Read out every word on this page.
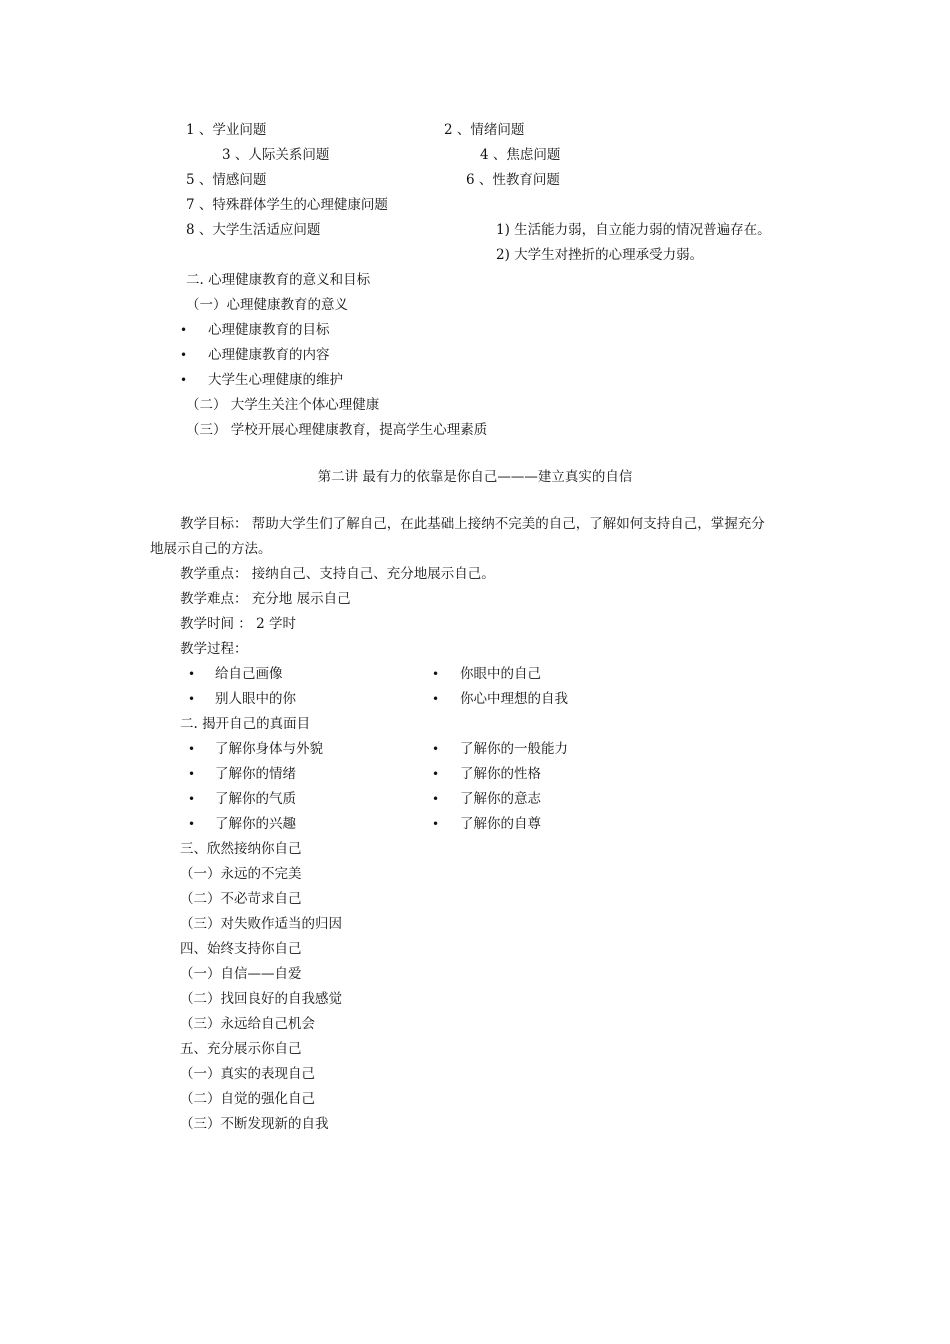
1 、学业问题	2 、情绪问题
3 、人际关系问题	4 、焦虑问题
5 、情感问题	6 、性教育问题
7 、特殊群体学生的心理健康问题
8 、大学生活适应问题	1) 生活能力弱，自立能力弱的情况普遍存在。
2) 大学生对挫折的心理承受力弱。
二. 心理健康教育的意义和目标
（一）心理健康教育的意义
• 心理健康教育的目标
• 心理健康教育的内容
• 大学生心理健康的维护
（二） 大学生关注个体心理健康
（三） 学校开展心理健康教育，提高学生心理素质
第二讲 最有力的依靠是你自己———建立真实的自信
教学目标： 帮助大学生们了解自己，在此基础上接纳不完美的自己，了解如何支持自己，掌握充分
地展示自己的方法。
教学重点： 接纳自己、支持自己、充分地展示自己。
教学难点： 充分地 展示自己
教学时间 ： 2 学时
教学过程：
• 给自己画像	• 你眼中的自己
• 别人眼中的你	• 你心中理想的自我
二. 揭开自己的真面目
• 了解你身体与外貌	• 了解你的一般能力
• 了解你的情绪	• 了解你的性格
• 了解你的气质	• 了解你的意志
• 了解你的兴趣	• 了解你的自尊
三、欣然接纳你自己
（一）永远的不完美
（二）不必苛求自己
（三）对失败作适当的归因
四、始终支持你自己
（一）自信——自爱
（二）找回良好的自我感觉
（三）永远给自己机会
五、充分展示你自己
（一）真实的表现自己
（二）自觉的强化自己
（三）不断发现新的自我
